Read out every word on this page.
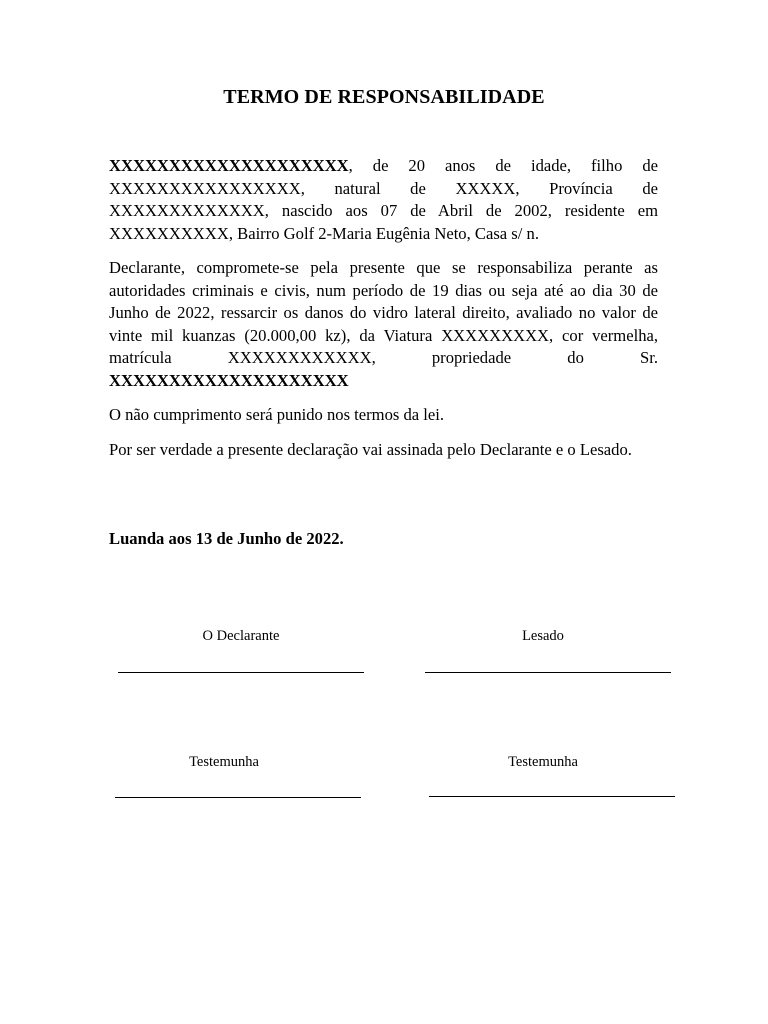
TERMO DE RESPONSABILIDADE

XXXXXXXXXXXXXXXXXXXX, de 20 anos de idade, filho de XXXXXXXXXXXXXXXX, natural de XXXXX, Província de XXXXXXXXXXXXX, nascido aos 07 de Abril de 2002, residente em XXXXXXXXXX, Bairro Golf 2-Maria Eugênia Neto, Casa s/ n.

Declarante, compromete-se pela presente que se responsabiliza perante as autoridades criminais e civis, num período de 19 dias ou seja até ao dia 30 de Junho de 2022, ressarcir os danos do vidro lateral direito, avaliado no valor de vinte mil kuanzas (20.000,00 kz), da Viatura XXXXXXXXX, cor vermelha, matrícula XXXXXXXXXXXX, propriedade do Sr. XXXXXXXXXXXXXXXXXXXX

O não cumprimento será punido nos termos da lei.

Por ser verdade a presente declaração vai assinada pelo Declarante e o Lesado.

Luanda aos 13 de Junho de 2022.
O Declarante	Lesado
Testemunha	Testemunha
